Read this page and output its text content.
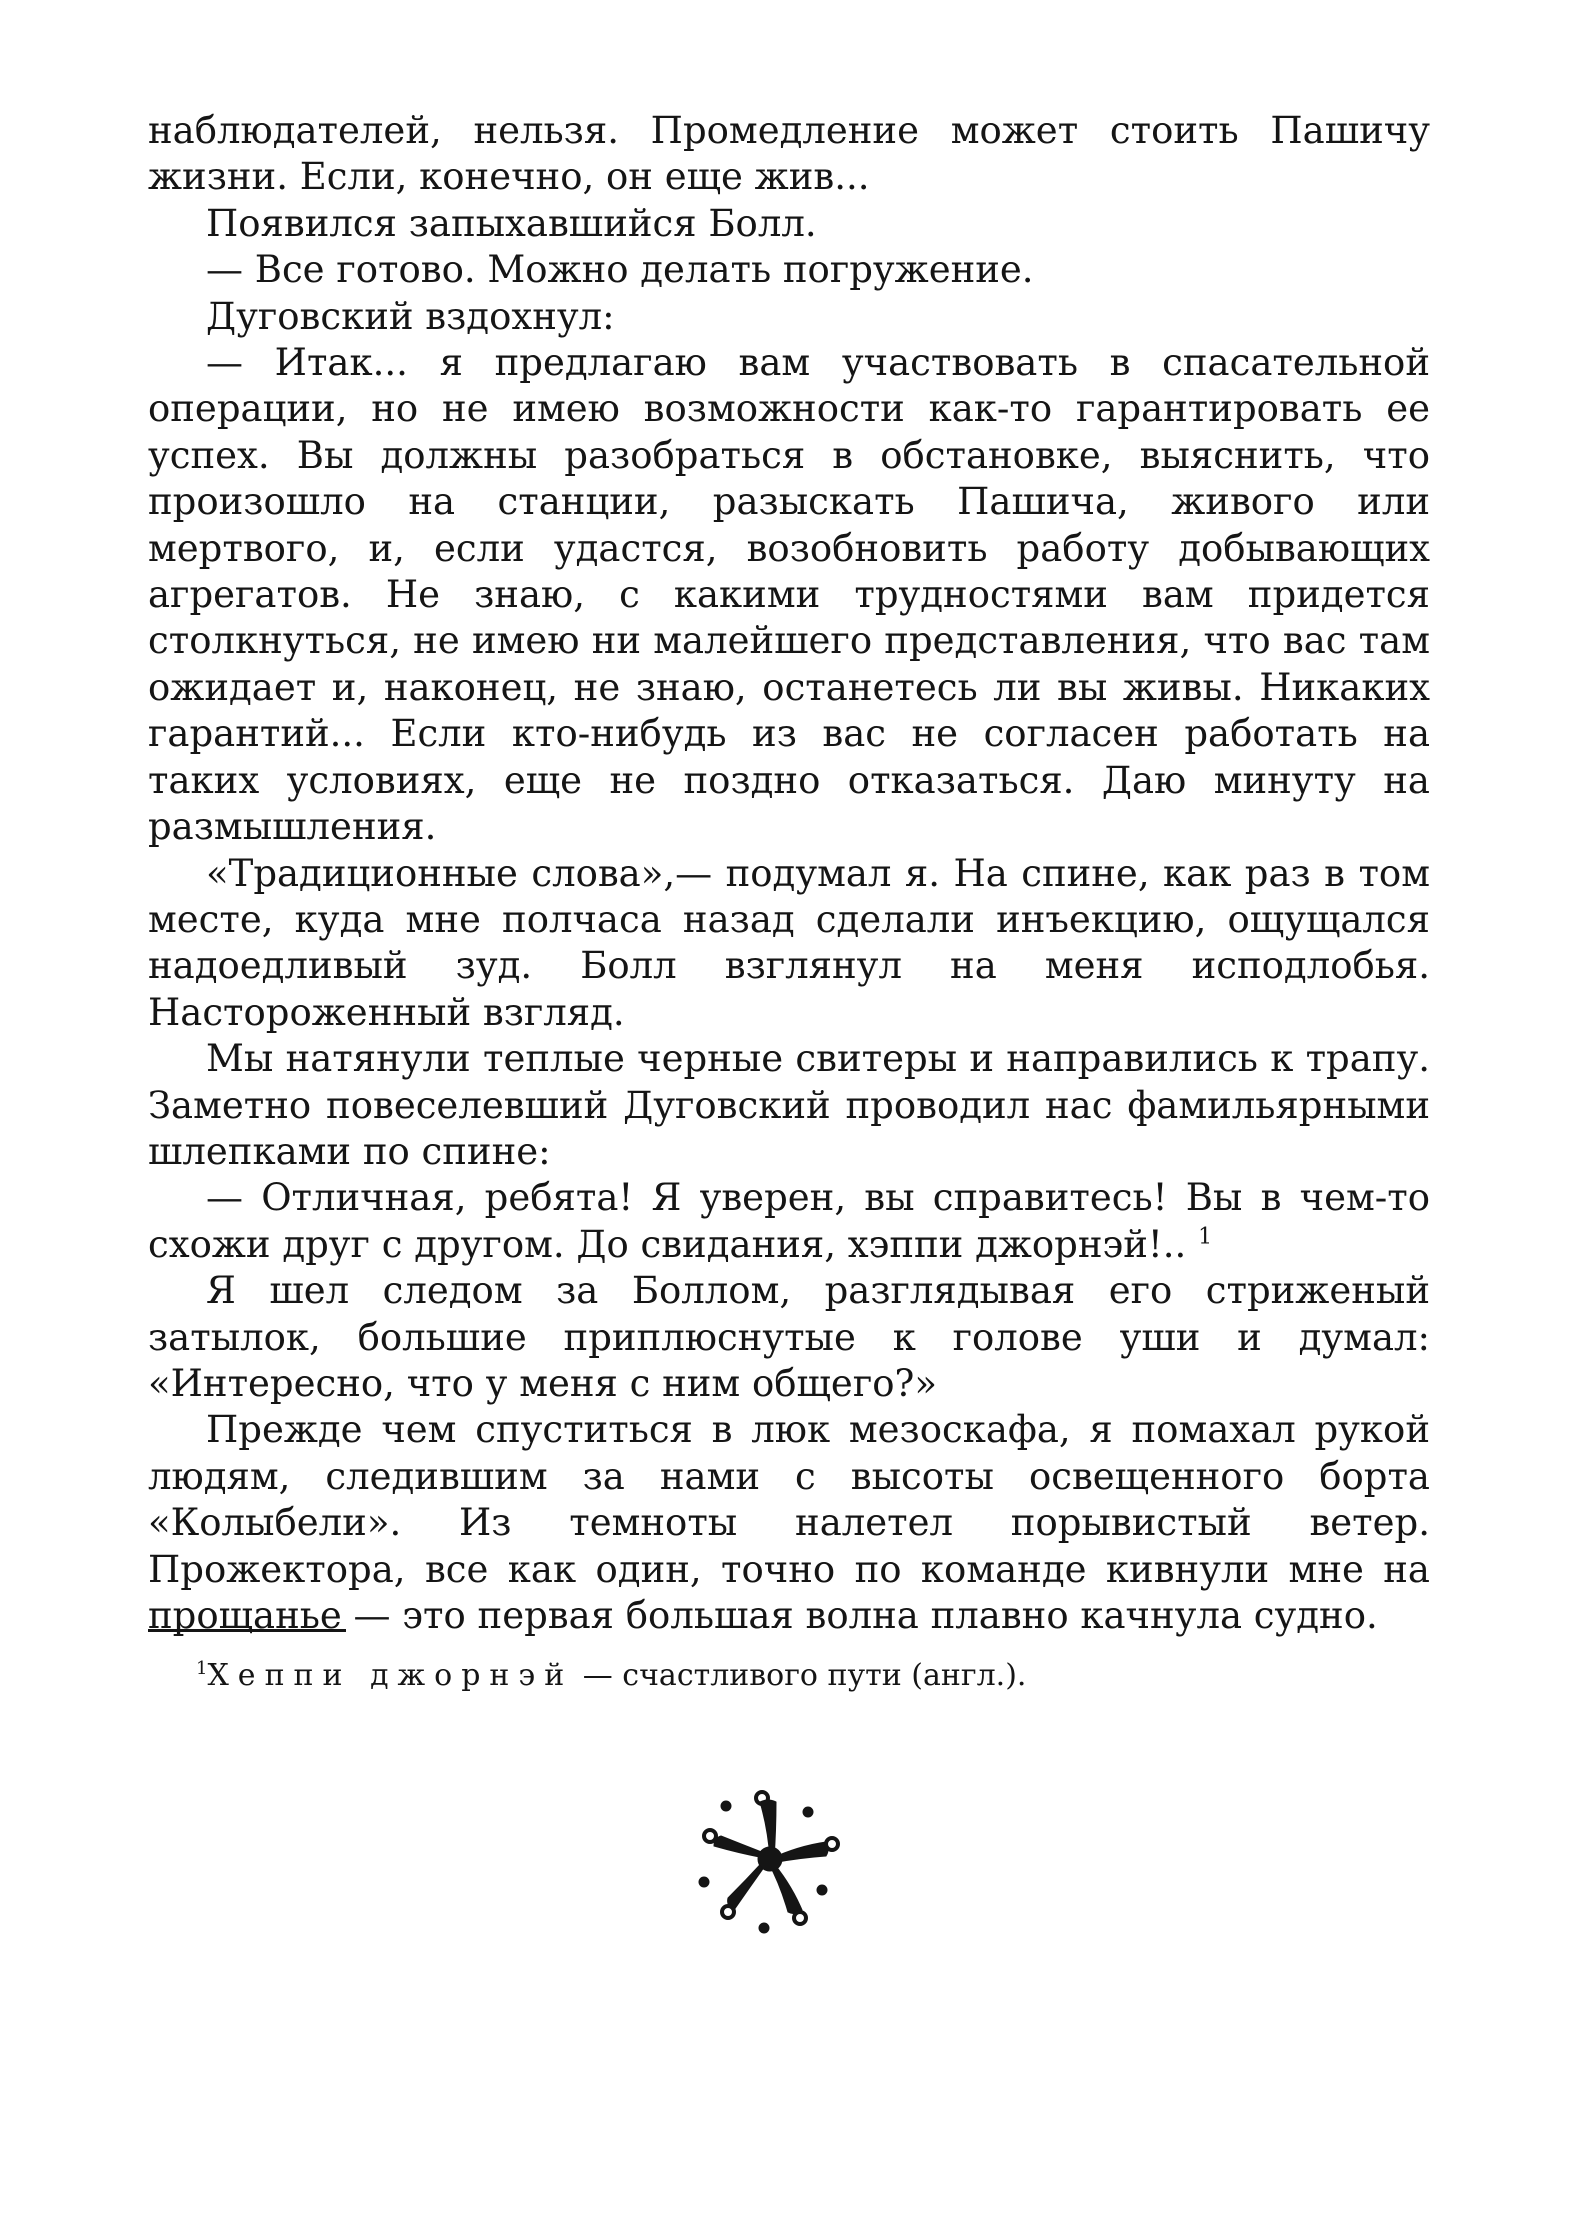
наблюдателей, нельзя. Промедление может стоить Пашичу жизни. Если, конечно, он еще жив...

Появился запыхавшийся Болл.

— Все готово. Можно делать погружение.

Дуговский вздохнул:

— Итак... я предлагаю вам участвовать в спасательной операции, но не имею возможности как-то гарантировать ее успех. Вы должны разобраться в обстановке, выяснить, что произошло на станции, разыскать Пашича, живого или мертвого, и, если удастся, возобновить работу добывающих агрегатов. Не знаю, с какими трудностями вам придется столкнуться, не имею ни малейшего представления, что вас там ожидает и, наконец, не знаю, останетесь ли вы живы. Никаких гарантий... Если кто-нибудь из вас не согласен работать на таких условиях, еще не поздно отказаться. Даю минуту на размышления.

«Традиционные слова»,— подумал я. На спине, как раз в том месте, куда мне полчаса назад сделали инъекцию, ощущался надоедливый зуд. Болл взглянул на меня исподлобья. Настороженный взгляд.

Мы натянули теплые черные свитеры и направились к трапу. Заметно повеселевший Дуговский проводил нас фамильярными шлепками по спине:

— Отличная, ребята! Я уверен, вы справитесь! Вы в чем-то схожи друг с другом. До свидания, хэппи джорнэй!.. $^1$

Я шел следом за Боллом, разглядывая его стриженый затылок, большие приплюснутые к голове уши и думал: «Интересно, что у меня с ним общего?»

Прежде чем спуститься в люк мезоскафа, я помахал рукой людям, следившим за нами с высоты освещенного борта «Колыбели». Из темноты налетел порывистый ветер. Прожектора, все как один, точно по команде кивнули мне на прощанье — это первая большая волна плавно качнула судно.

$^1$Хеппи джорнэй — счастливого пути (англ.).
